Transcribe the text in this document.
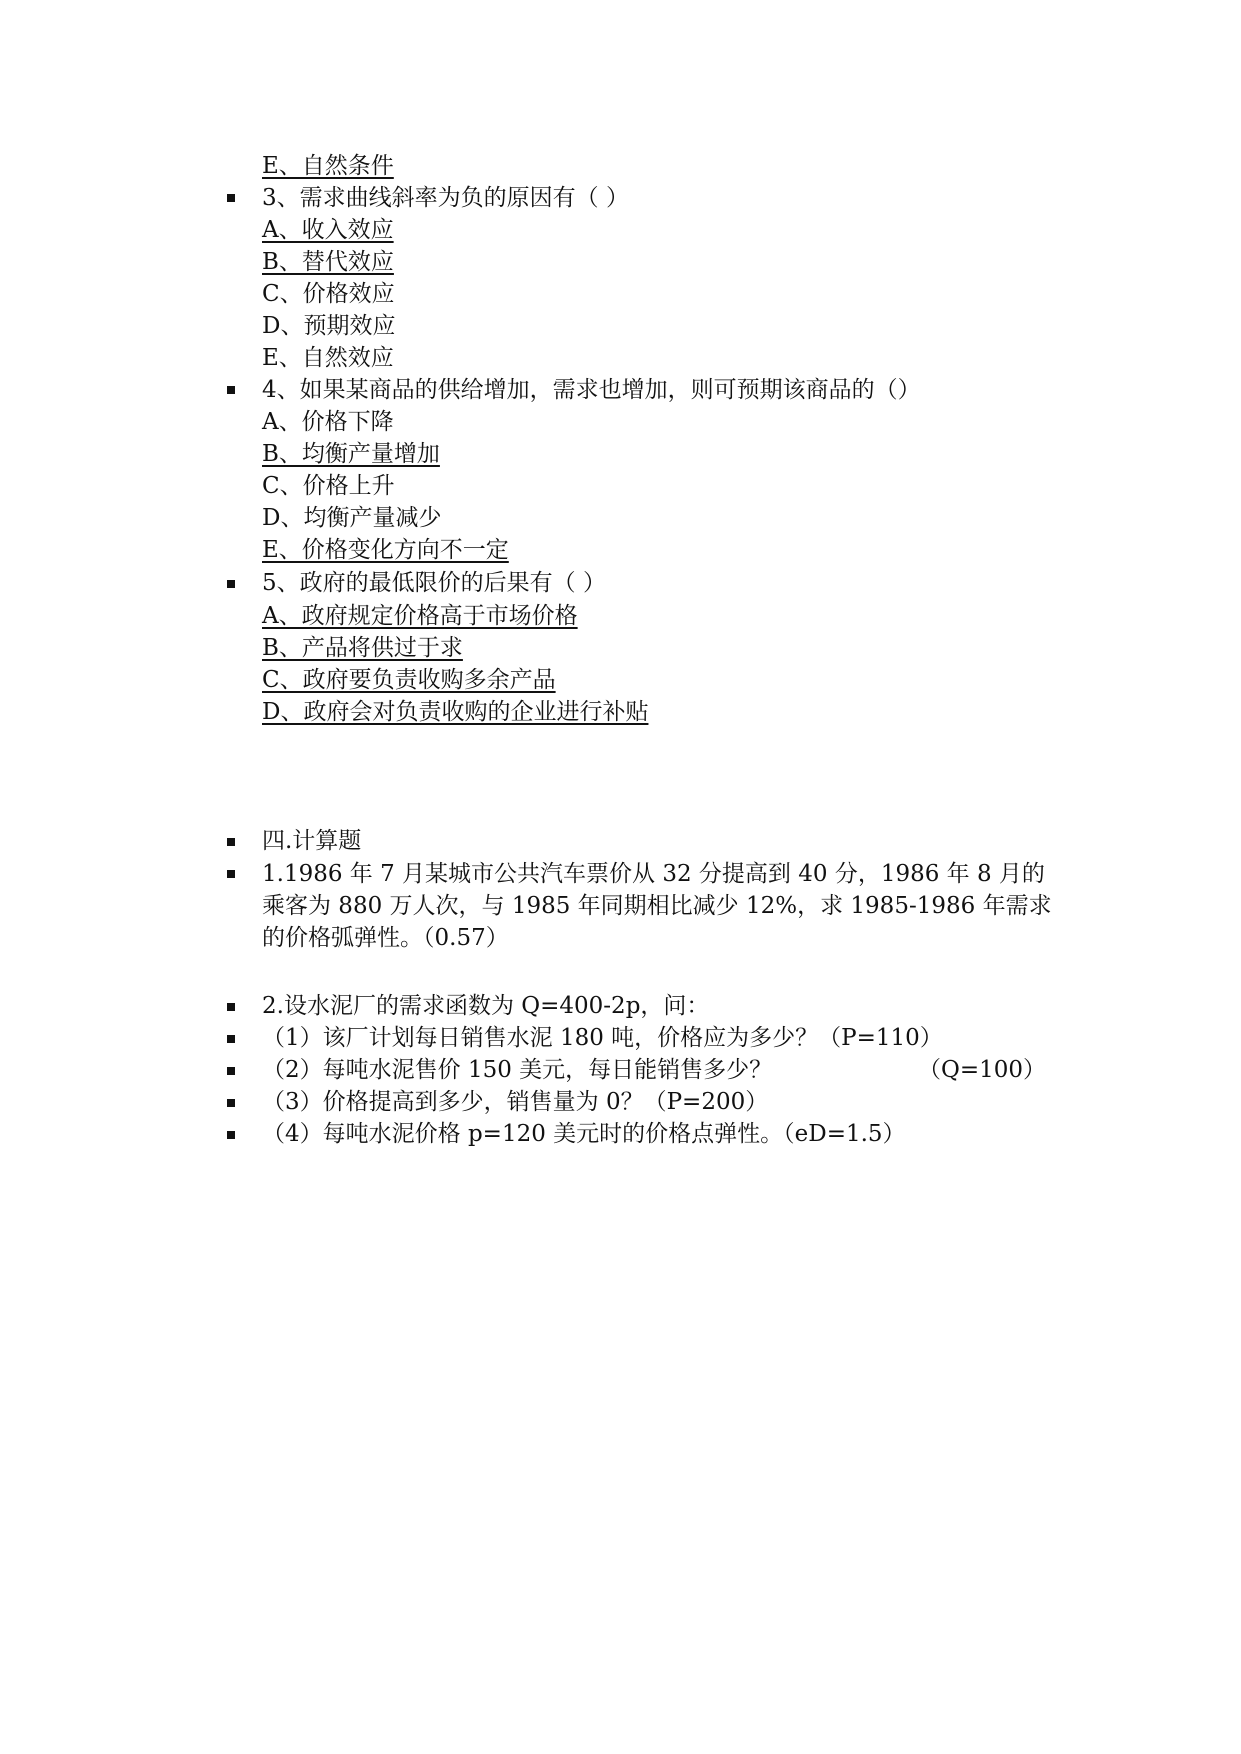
E、自然条件
3、需求曲线斜率为负的原因有（ ）
A、收入效应
B、替代效应
C、价格效应
D、预期效应
E、自然效应
4、如果某商品的供给增加，需求也增加，则可预期该商品的（）
A、价格下降
B、均衡产量增加
C、价格上升
D、均衡产量减少
E、价格变化方向不一定
5、政府的最低限价的后果有（ ）
A、政府规定价格高于市场价格
B、产品将供过于求
C、政府要负责收购多余产品
D、政府会对负责收购的企业进行补贴
四.计算题
1.1986 年 7 月某城市公共汽车票价从 32 分提高到 40 分，1986 年 8 月的
乘客为 880 万人次，与 1985 年同期相比减少 12%，求 1985-1986 年需求
的价格弧弹性。（0.57）
2.设水泥厂的需求函数为 Q=400-2p，问：
（1）该厂计划每日销售水泥 180 吨，价格应为多少？（P=110）
（2）每吨水泥售价 150 美元，每日能销售多少？	（Q=100）
（3）价格提高到多少，销售量为 0？（P=200）
（4）每吨水泥价格 p=120 美元时的价格点弹性。（eD=1.5）
